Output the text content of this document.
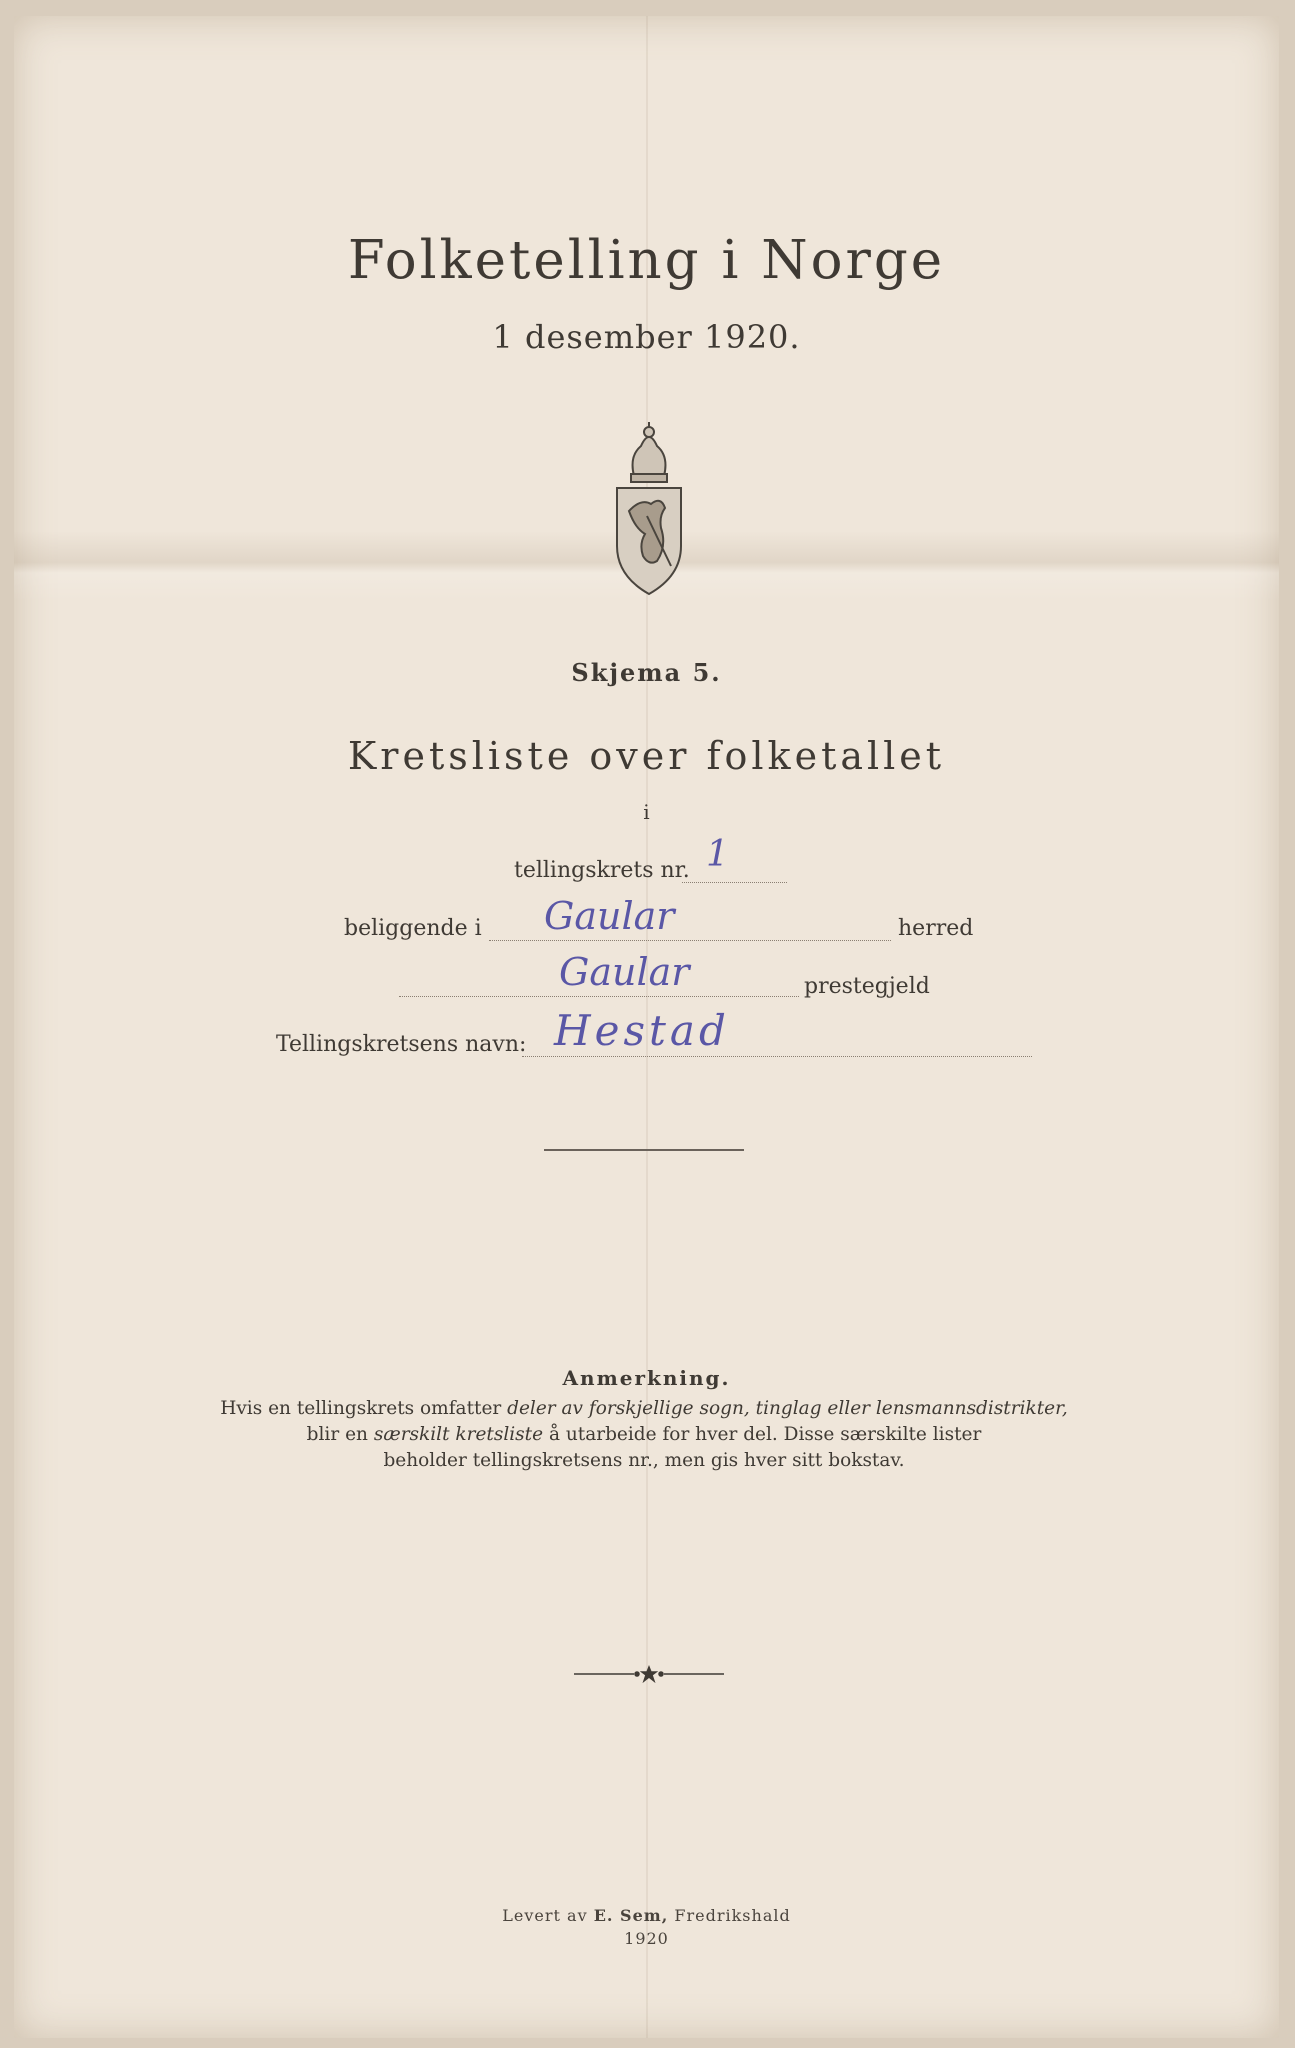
Folketelling i Norge
1 desember 1920.
Skjema 5.
Kretsliste over folketallet
i
tellingskrets nr. 1
beliggende i Gaular	herred
Gaular	prestegjeld
Tellingskretsens navn: Hestad
Anmerkning.
Hvis en tellingskrets omfatter deler av forskjellige sogn, tinglag eller lensmannsdistrikter,
blir en særskilt kretsliste å utarbeide for hver del. Disse særskilte lister
beholder tellingskretsens nr., men gis hver sitt bokstav.
Levert av E. Sem, Fredrikshald
1920
